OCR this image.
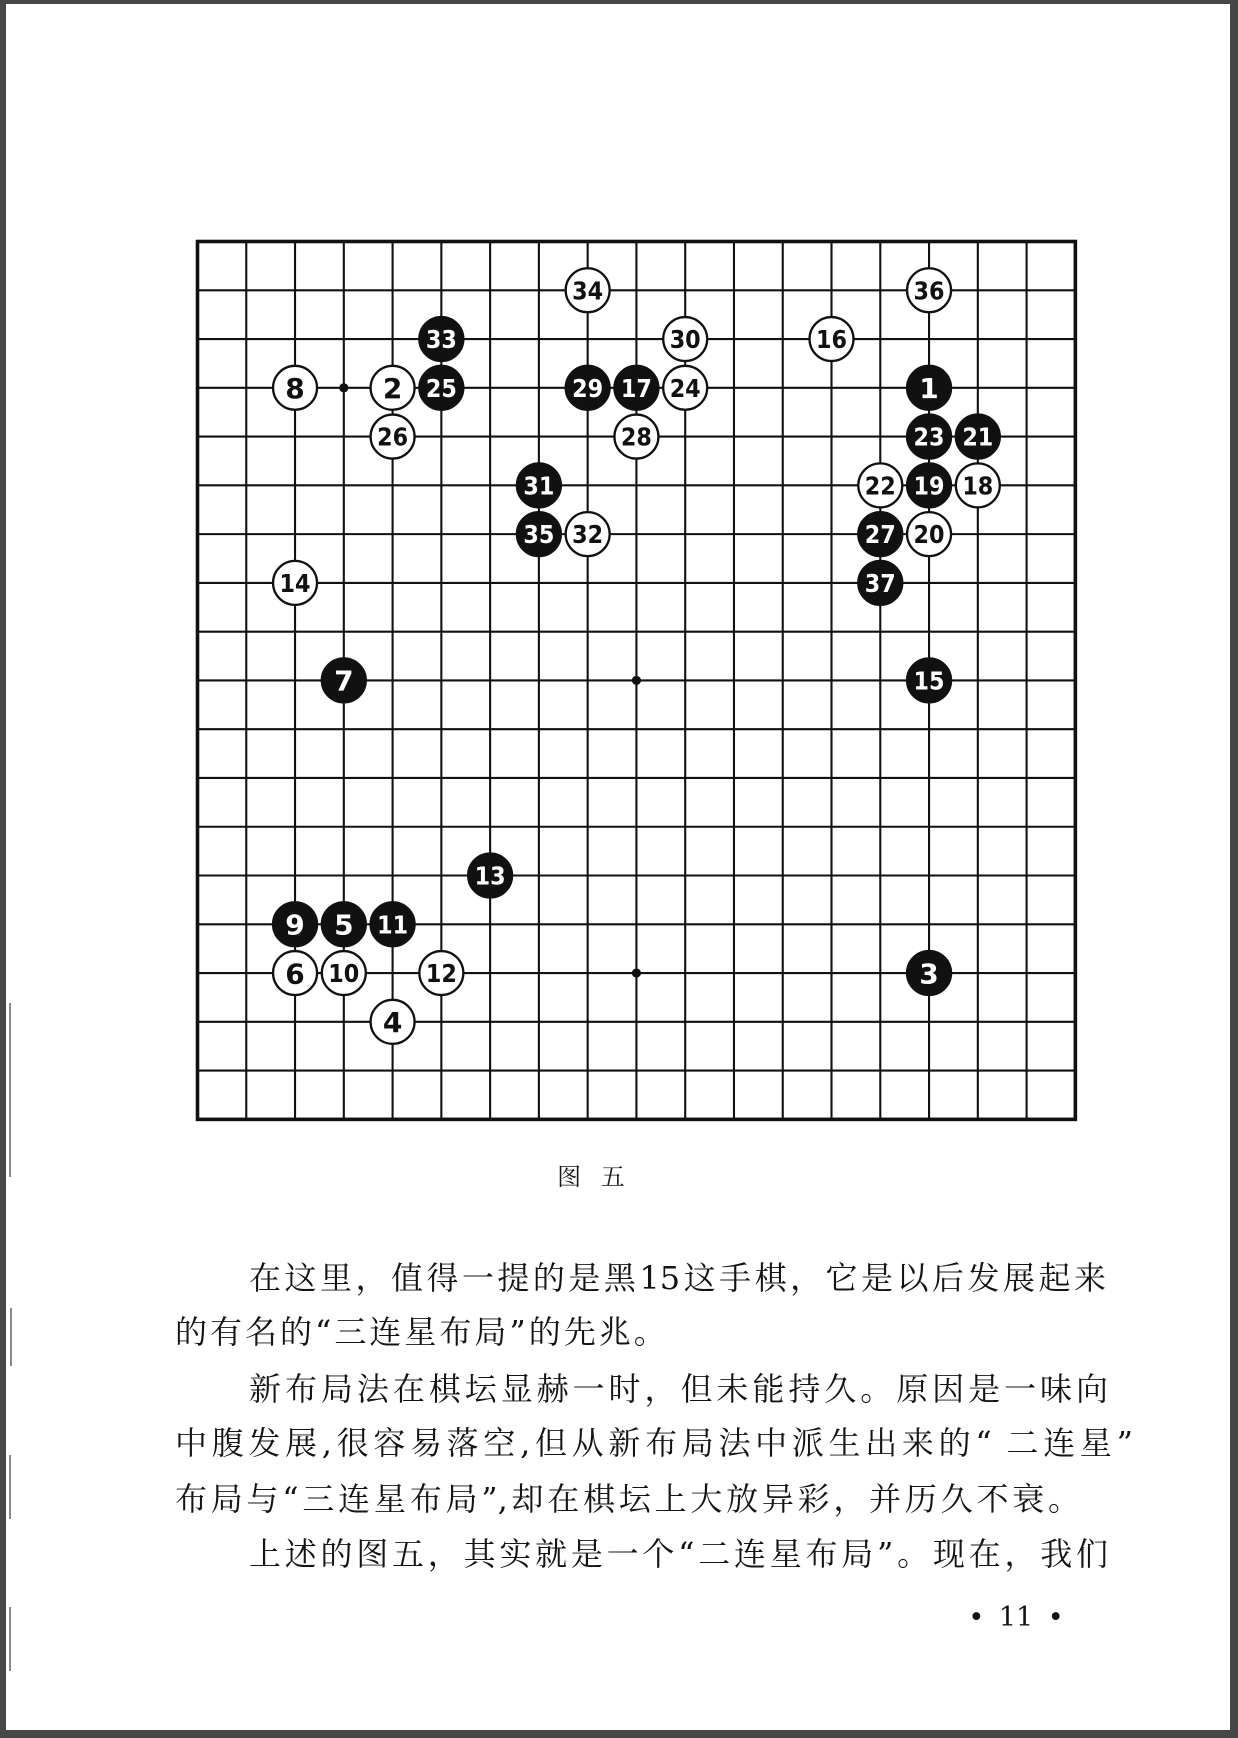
1
2
3
4
5
6
7
8
9
10
11
12
13
14
15
16
17
18
19
20
21
22
23
24
25
26
27
28
29
30
31
32
33
34
35
36
37
图 五
在这里，值得一提的是黑15这手棋，它是以后发展起来
的有名的“三连星布局”的先兆。
新布局法在棋坛显赫一时，但未能持久。原因是一味向
中腹发展,很容易落空,但从新布局法中派生出来的“ 二连星”
布局与“三连星布局”,却在棋坛上大放异彩，并历久不衰。
上述的图五，其实就是一个“二连星布局”。现在，我们
• 11 •
